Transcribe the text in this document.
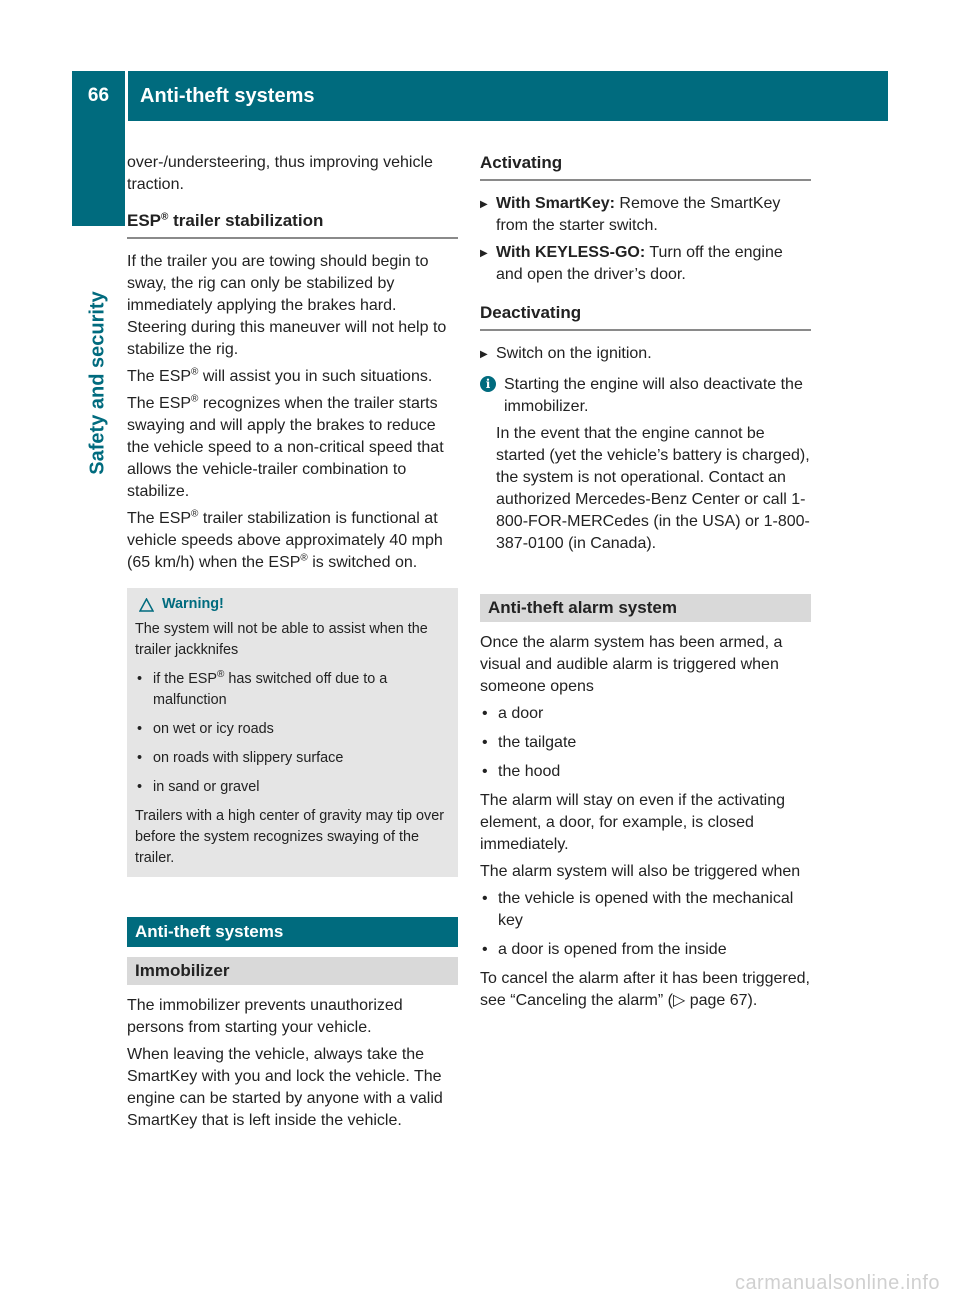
66	Anti-theft systems
Safety and security

over-/understeering, thus improving vehicle traction.

ESP® trailer stabilization

If the trailer you are towing should begin to sway, the rig can only be stabilized by immediately applying the brakes hard. Steering during this maneuver will not help to stabilize the rig.

The ESP® will assist you in such situations.

The ESP® recognizes when the trailer starts swaying and will apply the brakes to reduce the vehicle speed to a non-critical speed that allows the vehicle-trailer combination to stabilize.

The ESP® trailer stabilization is functional at vehicle speeds above approximately 40 mph (65 km/h) when the ESP® is switched on.

Warning!

The system will not be able to assist when the trailer jackknifes

• if the ESP® has switched off due to a malfunction
• on wet or icy roads
• on roads with slippery surface
• in sand or gravel

Trailers with a high center of gravity may tip over before the system recognizes swaying of the trailer.

Anti-theft systems
Immobilizer

The immobilizer prevents unauthorized persons from starting your vehicle.

When leaving the vehicle, always take the SmartKey with you and lock the vehicle. The engine can be started by anyone with a valid SmartKey that is left inside the vehicle.

Activating
▶ With SmartKey: Remove the SmartKey from the starter switch.
▶ With KEYLESS-GO: Turn off the engine and open the driver’s door.
Deactivating
▶ Switch on the ignition.
i Starting the engine will also deactivate the immobilizer.

In the event that the engine cannot be started (yet the vehicle’s battery is charged), the system is not operational. Contact an authorized Mercedes-Benz Center or call 1-800-FOR-MERCedes (in the USA) or 1-800-387-0100 (in Canada).

Anti-theft alarm system

Once the alarm system has been armed, a visual and audible alarm is triggered when someone opens

• a door
• the tailgate
• the hood

The alarm will stay on even if the activating element, a door, for example, is closed immediately.

The alarm system will also be triggered when

• the vehicle is opened with the mechanical key
• a door is opened from the inside

To cancel the alarm after it has been triggered, see “Canceling the alarm” (▷ page 67).

carmanualsonline.info
